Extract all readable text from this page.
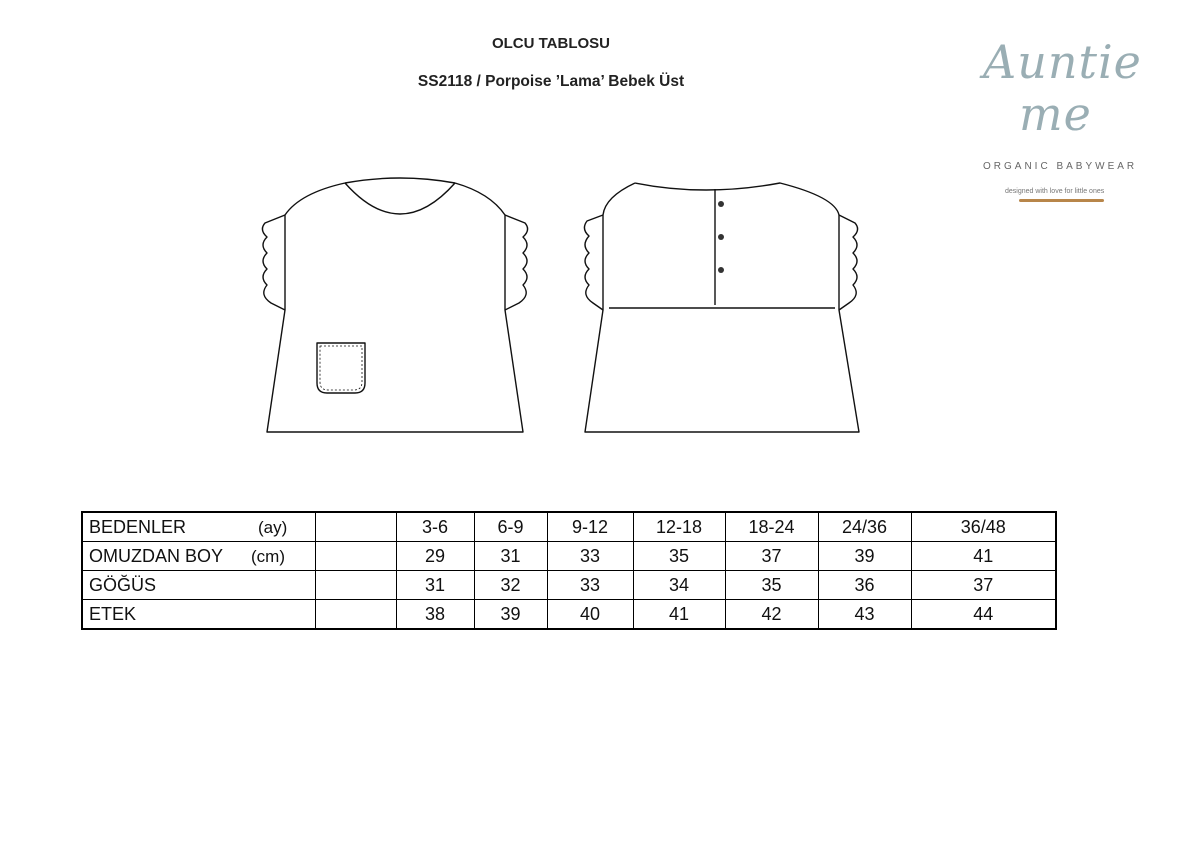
OLCU TABLOSU
SS2118 / Porpoise ’Lama’ Bebek Üst	Auntie
me
ORGANIC BABYWEAR
designed with love for little ones
BEDENLER (ay)		3-6	6-9	9-12	12-18	18-24	24/36	36/48
OMUZDAN BOY (cm)		29	31	33	35	37	39	41
GÖĞÜS		31	32	33	34	35	36	37
ETEK		38	39	40	41	42	43	44
